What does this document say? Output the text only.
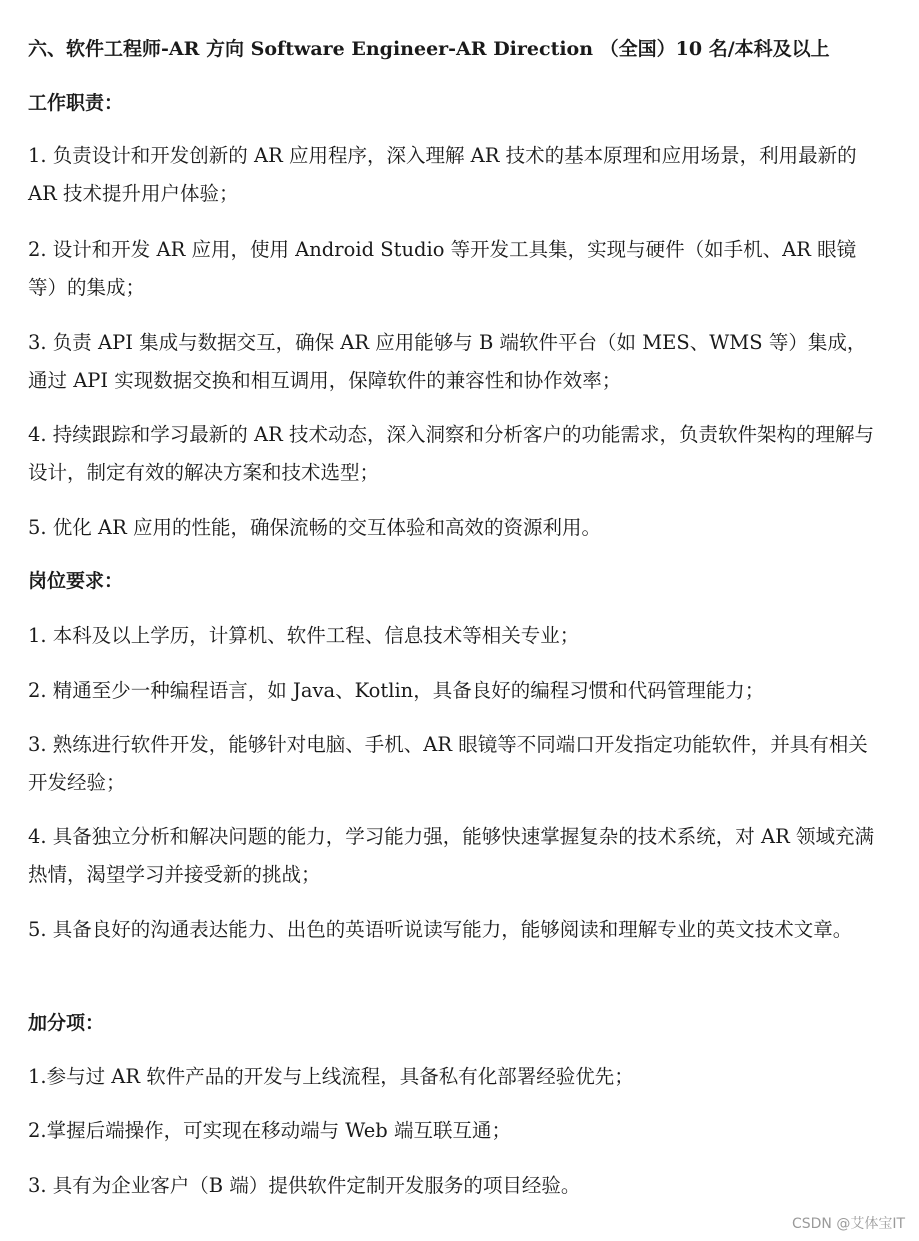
六、软件工程师-AR 方向 Software Engineer-AR Direction （全国）10 名/本科及以上
工作职责：
1. 负责设计和开发创新的 AR 应用程序，深入理解 AR 技术的基本原理和应用场景，利用最新的 AR 技术提升用户体验；
2. 设计和开发 AR 应用，使用 Android Studio 等开发工具集，实现与硬件（如手机、AR 眼镜等）的集成；
3. 负责 API 集成与数据交互，确保 AR 应用能够与 B 端软件平台（如 MES、WMS 等）集成，通过 API 实现数据交换和相互调用，保障软件的兼容性和协作效率；
4. 持续跟踪和学习最新的 AR 技术动态，深入洞察和分析客户的功能需求，负责软件架构的理解与设计，制定有效的解决方案和技术选型；
5. 优化 AR 应用的性能，确保流畅的交互体验和高效的资源利用。
岗位要求：
1. 本科及以上学历，计算机、软件工程、信息技术等相关专业；
2. 精通至少一种编程语言，如 Java、Kotlin，具备良好的编程习惯和代码管理能力；
3. 熟练进行软件开发，能够针对电脑、手机、AR 眼镜等不同端口开发指定功能软件，并具有相关开发经验；
4. 具备独立分析和解决问题的能力，学习能力强，能够快速掌握复杂的技术系统，对 AR 领域充满热情，渴望学习并接受新的挑战；
5. 具备良好的沟通表达能力、出色的英语听说读写能力，能够阅读和理解专业的英文技术文章。
加分项：
1.参与过 AR 软件产品的开发与上线流程，具备私有化部署经验优先；
2.掌握后端操作，可实现在移动端与 Web 端互联互通；
3. 具有为企业客户（B 端）提供软件定制开发服务的项目经验。
CSDN @艾体宝IT
